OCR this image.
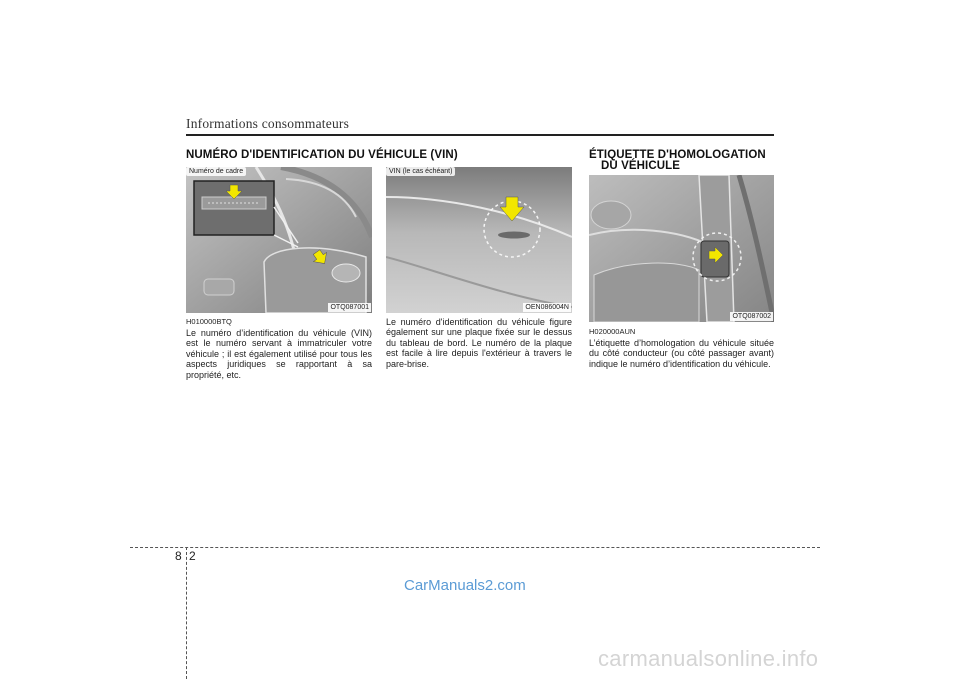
Informations consommateurs
NUMÉRO D'IDENTIFICATION DU VÉHICULE (VIN)
Numéro de cadre
OTQ087001
H010000BTQ

Le numéro d’identification du véhicule (VIN) est le numéro servant à immatriculer votre véhicule ; il est également utilisé pour tous les aspects juridiques se rapportant à sa propriété, etc.

VIN (le cas échéant)
OEN086004N

Le numéro d'identification du véhicule figure également sur une plaque fixée sur le dessus du tableau de bord. Le numéro de la plaque est facile à lire depuis l'extérieur à travers le pare-brise.

ÉTIQUETTE D'HOMOLOGATION
DU VÉHICULE
OTQ087002
H020000AUN

L’étiquette d’homologation du véhicule située du côté conducteur (ou côté passager avant) indique le numéro d’identification du véhicule.

8 2
CarManuals2.com
carmanualsonline.info
